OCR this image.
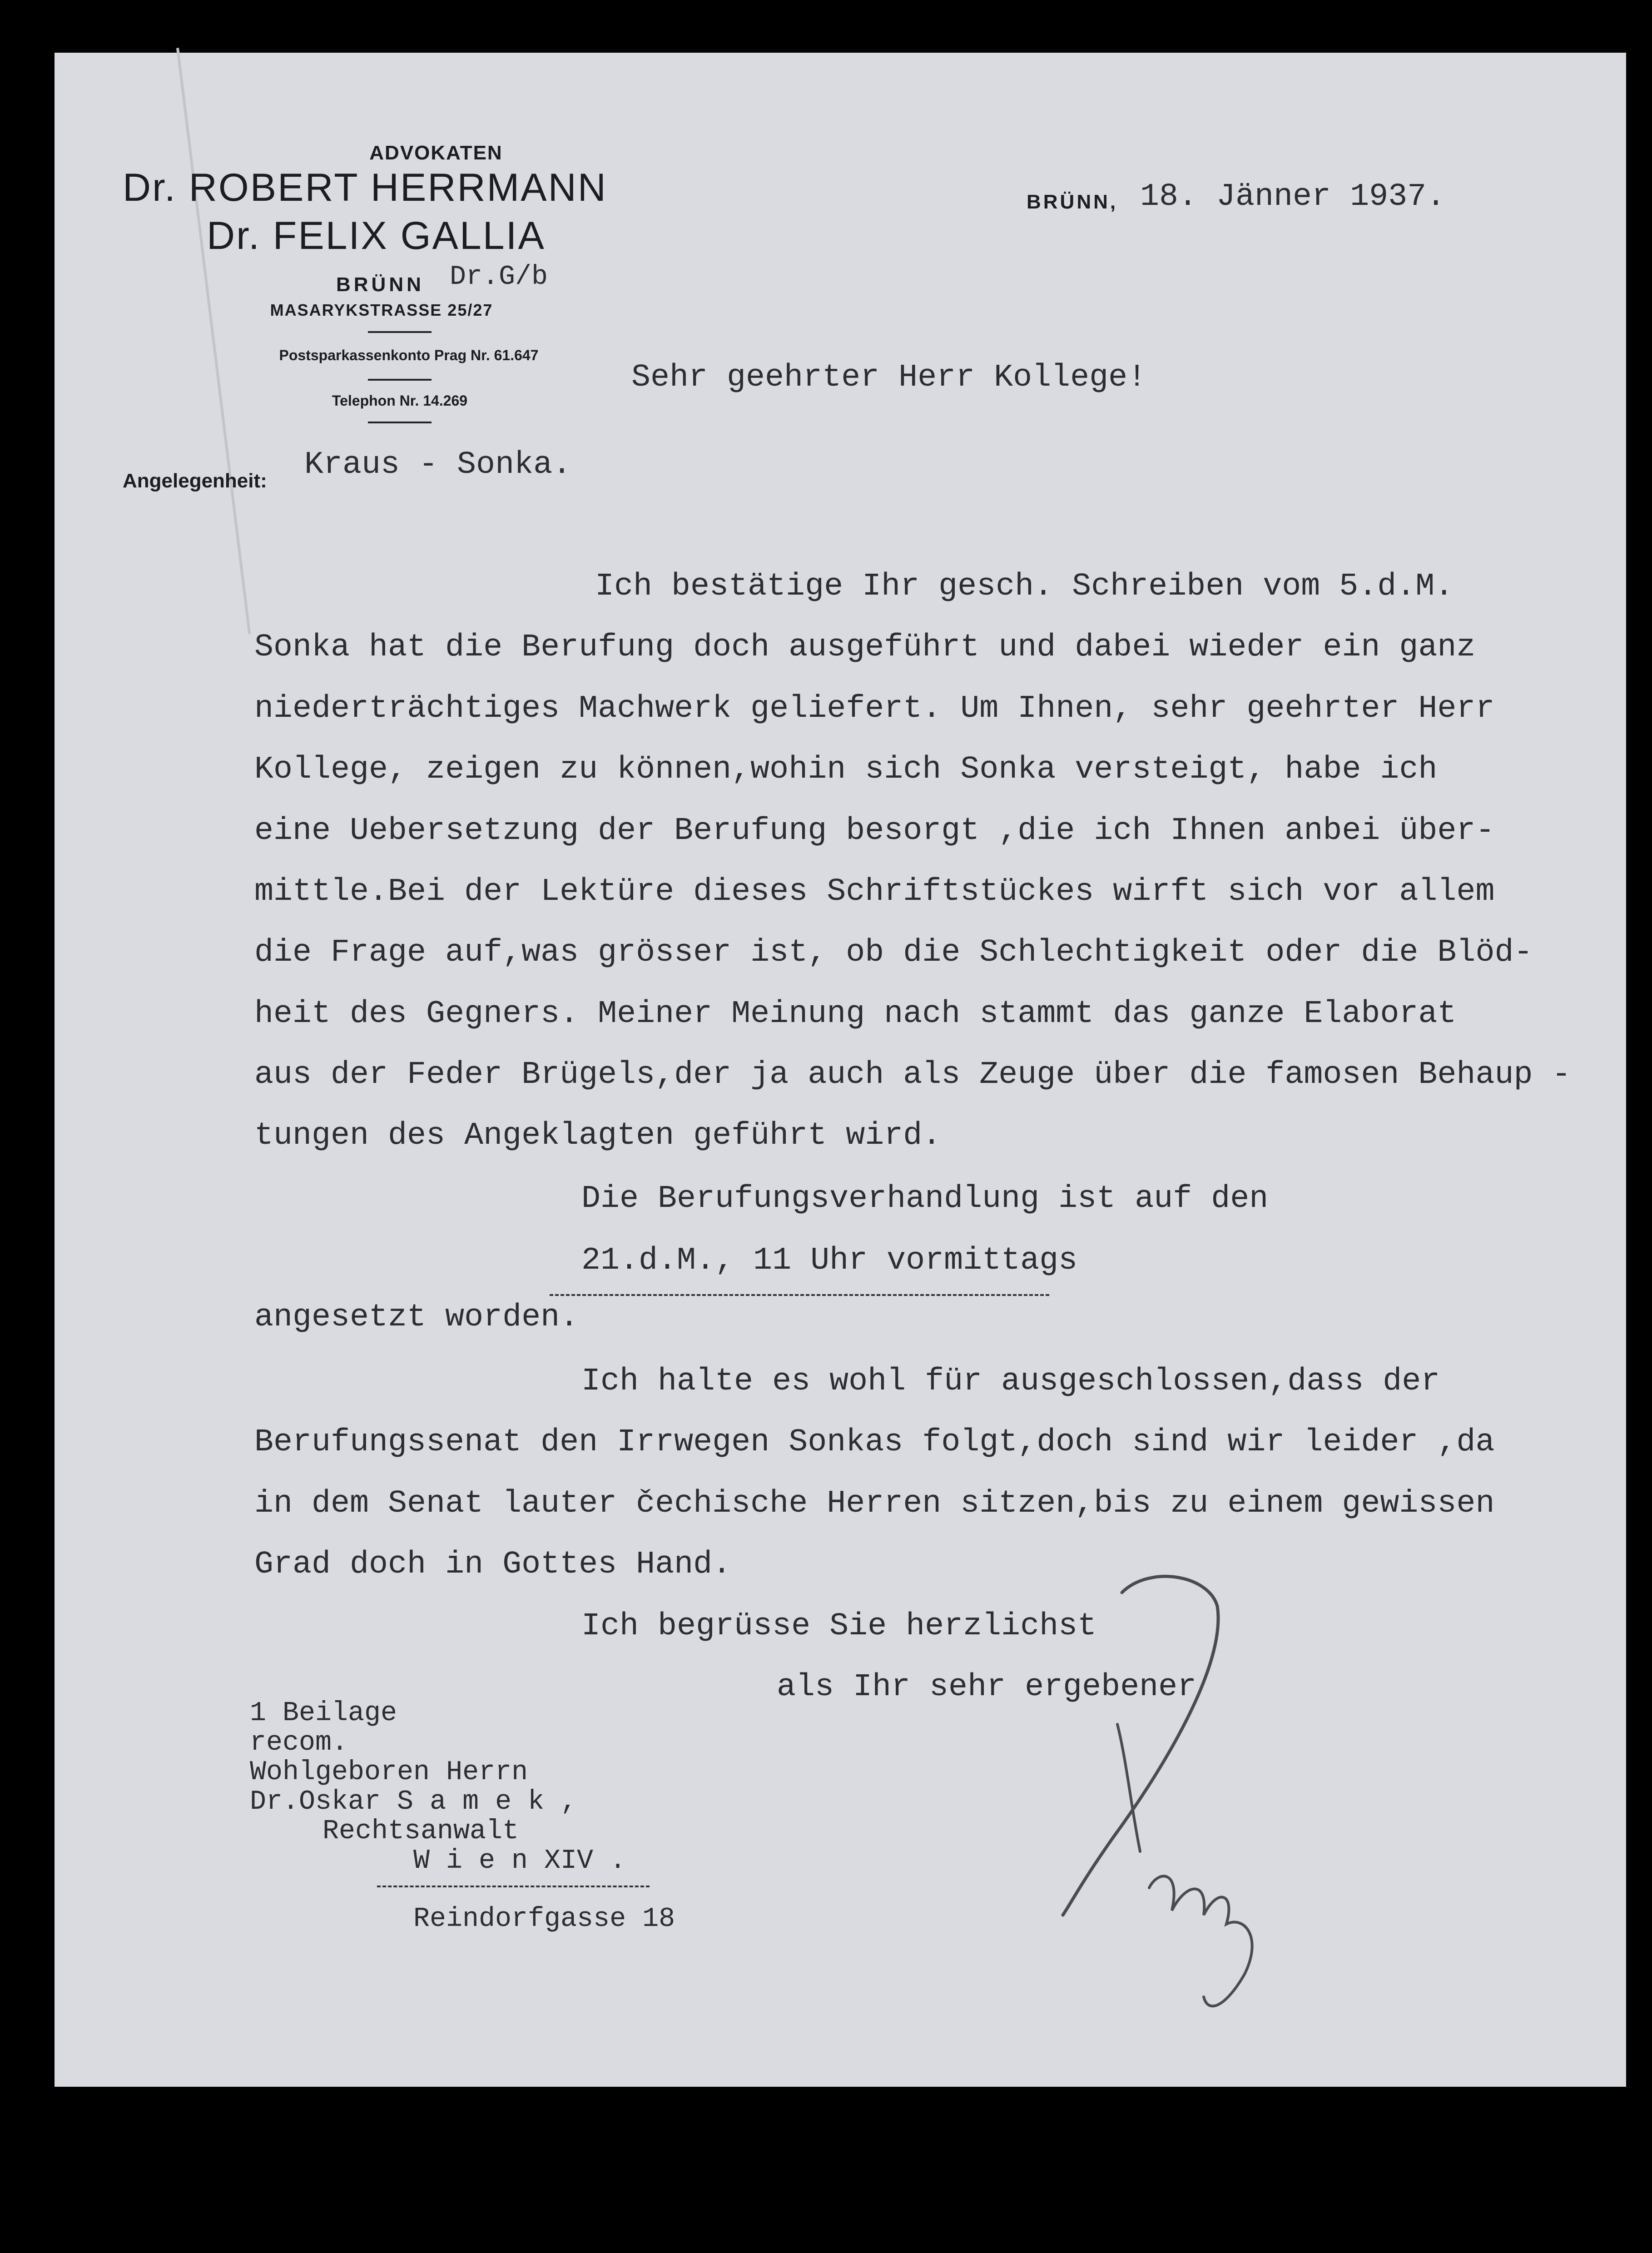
ADVOKATEN
Dr. ROBERT HERRMANN
Dr. FELIX GALLIA
BRÜNN Dr.G/b
MASARYKSTRASSE 25/27
Postsparkassenkonto Prag Nr. 61.647
Telephon Nr. 14.269
Angelegenheit:
BRÜNN, 18. Jänner 1937.
Sehr geehrter Herr Kollege!
Kraus - Sonka.
Ich bestätige Ihr gesch. Schreiben vom 5.d.M.
Sonka hat die Berufung doch ausgeführt und dabei wieder ein ganz
niederträchtiges Machwerk geliefert. Um Ihnen, sehr geehrter Herr
Kollege, zeigen zu können,wohin sich Sonka versteigt, habe ich
eine Uebersetzung der Berufung besorgt ,die ich Ihnen anbei über-
mittle.Bei der Lektüre dieses Schriftstückes wirft sich vor allem
die Frage auf,was grösser ist, ob die Schlechtigkeit oder die Blöd-
heit des Gegners. Meiner Meinung nach stammt das ganze Elaborat
aus der Feder Brügels,der ja auch als Zeuge über die famosen Behaup -
tungen des Angeklagten geführt wird.
Die Berufungsverhandlung ist auf den
21.d.M., 11 Uhr vormittags
angesetzt worden.
Ich halte es wohl für ausgeschlossen,dass der
Berufungssenat den Irrwegen Sonkas folgt,doch sind wir leider ,da
in dem Senat lauter čechische Herren sitzen,bis zu einem gewissen
Grad doch in Gottes Hand.
Ich begrüsse Sie herzlichst
als Ihr sehr ergebener
1 Beilage
recom.
Wohlgeboren Herrn
Dr.Oskar S a m e k ,
Rechtsanwalt
W i e n XIV .
Reindorfgasse 18
